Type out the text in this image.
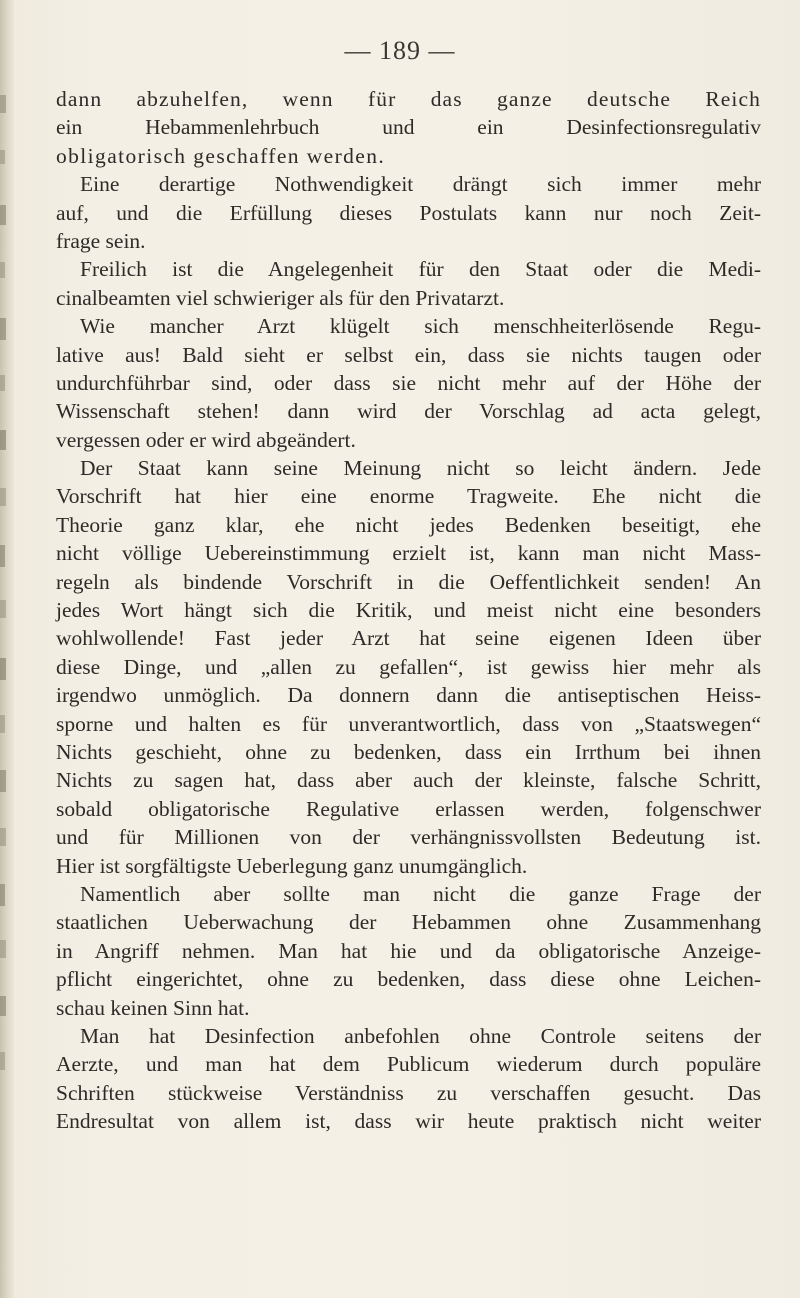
— 189 —
dann abzuhelfen, wenn für das ganze deutsche Reich
ein Hebammenlehrbuch und ein Desinfectionsregulativ
obligatorisch geschaffen werden.
Eine derartige Nothwendigkeit drängt sich immer mehr
auf, und die Erfüllung dieses Postulats kann nur noch Zeit-
frage sein.
Freilich ist die Angelegenheit für den Staat oder die Medi-
cinalbeamten viel schwieriger als für den Privatarzt.
Wie mancher Arzt klügelt sich menschheiterlösende Regu-
lative aus! Bald sieht er selbst ein, dass sie nichts taugen oder
undurchführbar sind, oder dass sie nicht mehr auf der Höhe der
Wissenschaft stehen! dann wird der Vorschlag ad acta gelegt,
vergessen oder er wird abgeändert.
Der Staat kann seine Meinung nicht so leicht ändern. Jede
Vorschrift hat hier eine enorme Tragweite. Ehe nicht die
Theorie ganz klar, ehe nicht jedes Bedenken beseitigt, ehe
nicht völlige Uebereinstimmung erzielt ist, kann man nicht Mass-
regeln als bindende Vorschrift in die Oeffentlichkeit senden! An
jedes Wort hängt sich die Kritik, und meist nicht eine besonders
wohlwollende! Fast jeder Arzt hat seine eigenen Ideen über
diese Dinge, und „allen zu gefallen“, ist gewiss hier mehr als
irgendwo unmöglich. Da donnern dann die antiseptischen Heiss-
sporne und halten es für unverantwortlich, dass von „Staatswegen“
Nichts geschieht, ohne zu bedenken, dass ein Irrthum bei ihnen
Nichts zu sagen hat, dass aber auch der kleinste, falsche Schritt,
sobald obligatorische Regulative erlassen werden, folgenschwer
und für Millionen von der verhängnissvollsten Bedeutung ist.
Hier ist sorgfältigste Ueberlegung ganz unumgänglich.
Namentlich aber sollte man nicht die ganze Frage der
staatlichen Ueberwachung der Hebammen ohne Zusammenhang
in Angriff nehmen. Man hat hie und da obligatorische Anzeige-
pflicht eingerichtet, ohne zu bedenken, dass diese ohne Leichen-
schau keinen Sinn hat.
Man hat Desinfection anbefohlen ohne Controle seitens der
Aerzte, und man hat dem Publicum wiederum durch populäre
Schriften stückweise Verständniss zu verschaffen gesucht. Das
Endresultat von allem ist, dass wir heute praktisch nicht weiter
